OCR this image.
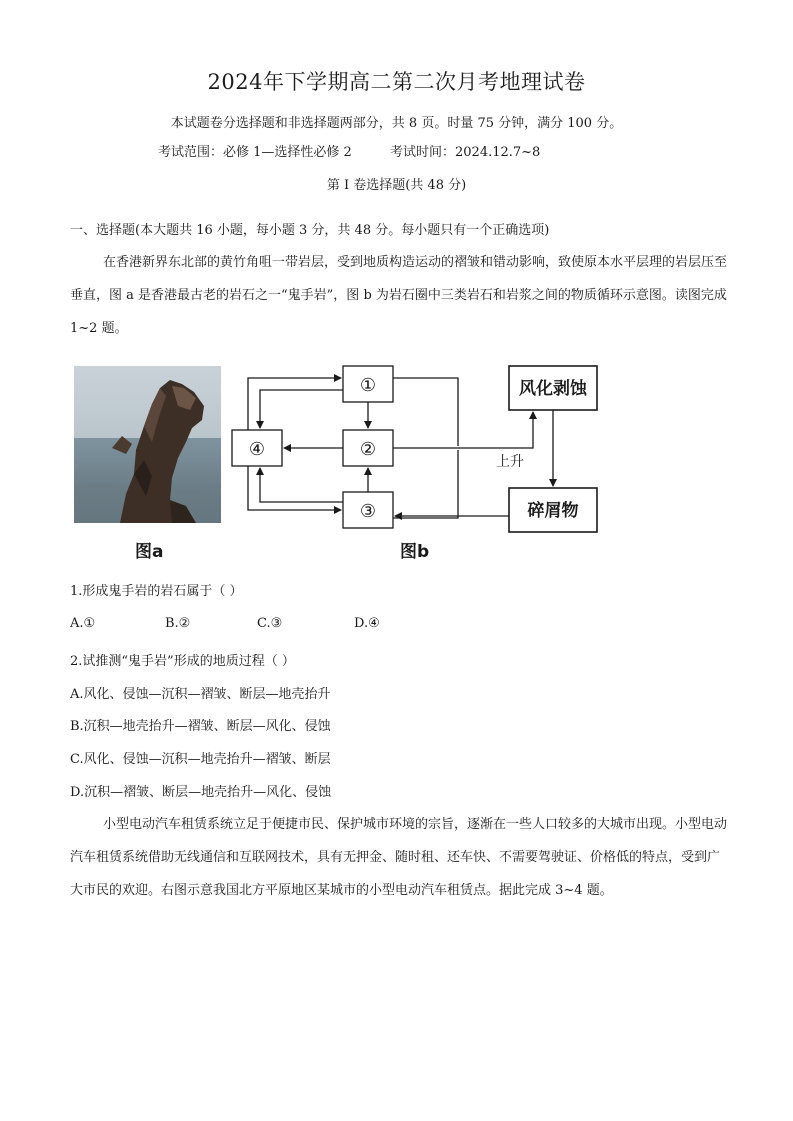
2024年下学期高二第二次月考地理试卷
本试题卷分选择题和非选择题两部分，共 8 页。时量 75 分钟，满分 100 分。
考试范围：必修 1—选择性必修 2	考试时间：2024.12.7~8
第 I 卷选择题(共 48 分)
一、选择题(本大题共 16 小题，每小题 3 分，共 48 分。每小题只有一个正确选项)

在香港新界东北部的黄竹角咀一带岩层，受到地质构造运动的褶皱和错动影响，致使原本水平层理的岩层压至垂直，图 a 是香港最古老的岩石之一“鬼手岩”，图 b 为岩石圈中三类岩石和岩浆之间的物质循环示意图。读图完成 1~2 题。

图a
①
②
③
④
风化剥蚀
碎屑物
上升
图b
1.形成鬼手岩的岩石属于（ ）
A.①	B.②	C.③	D.④
2.试推测“鬼手岩”形成的地质过程（ ）
A.风化、侵蚀—沉积—褶皱、断层—地壳抬升
B.沉积—地壳抬升—褶皱、断层—风化、侵蚀
C.风化、侵蚀—沉积—地壳抬升—褶皱、断层
D.沉积—褶皱、断层—地壳抬升—风化、侵蚀

小型电动汽车租赁系统立足于便捷市民、保护城市环境的宗旨，逐渐在一些人口较多的大城市出现。小型电动汽车租赁系统借助无线通信和互联网技术，具有无押金、随时租、还车快、不需要驾驶证、价格低的特点，受到广大市民的欢迎。右图示意我国北方平原地区某城市的小型电动汽车租赁点。据此完成 3~4 题。
